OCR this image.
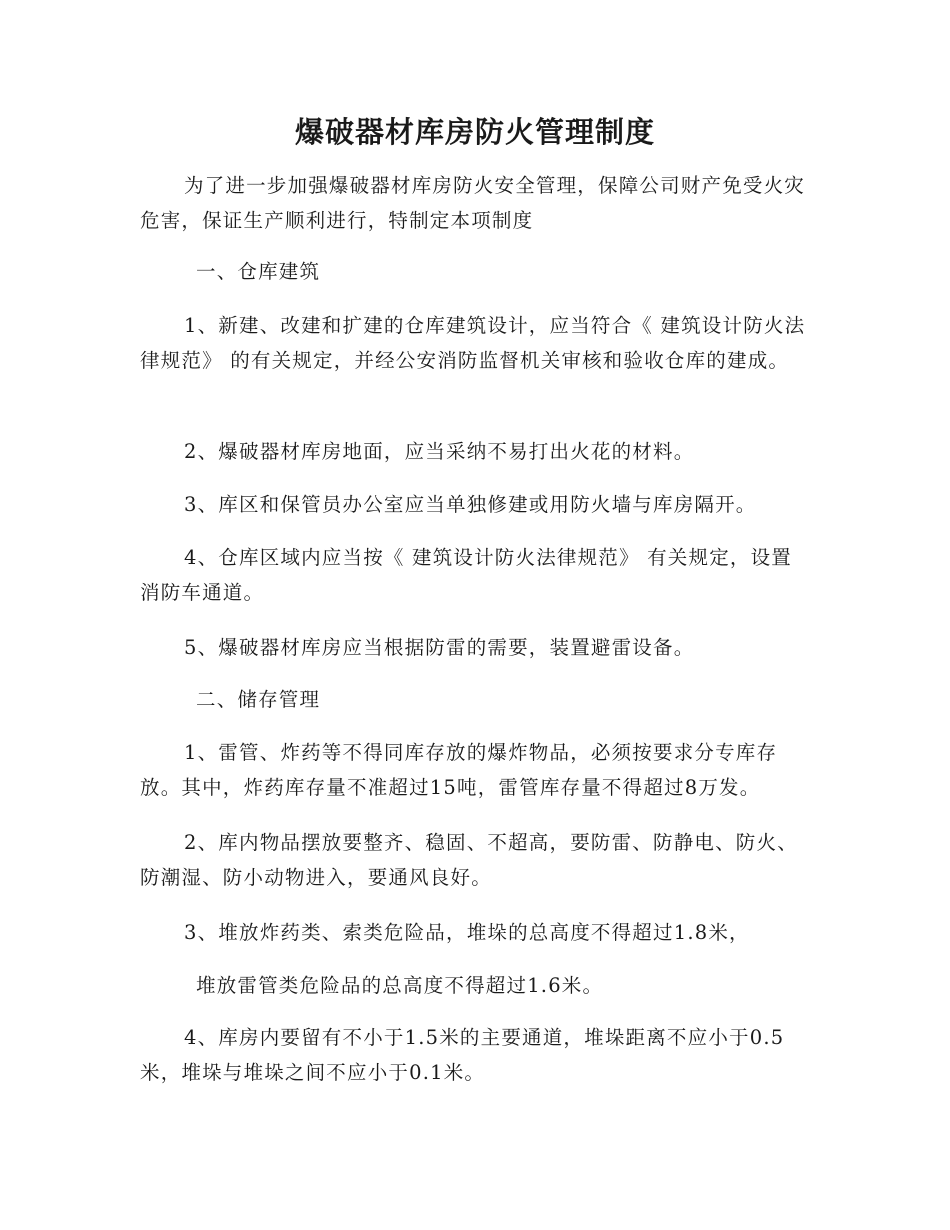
爆破器材库房防火管理制度

为了进一步加强爆破器材库房防火安全管理，保障公司财产免受火灾危害，保证生产顺利进行，特制定本项制度

一、仓库建筑

1、新建、改建和扩建的仓库建筑设计，应当符合《 建筑设计防火法律规范》 的有关规定，并经公安消防监督机关审核和验收仓库的建成。

2、爆破器材库房地面，应当采纳不易打出火花的材料。

3、库区和保管员办公室应当单独修建或用防火墙与库房隔开。

4、仓库区域内应当按《 建筑设计防火法律规范》 有关规定，设置消防车通道。

5、爆破器材库房应当根据防雷的需要，装置避雷设备。

二、储存管理

1、雷管、炸药等不得同库存放的爆炸物品，必须按要求分专库存放。其中，炸药库存量不准超过15吨，雷管库存量不得超过8万发。

2、库内物品摆放要整齐、稳固、不超高，要防雷、防静电、防火、防潮湿、防小动物进入，要通风良好。

3、堆放炸药类、索类危险品，堆垛的总高度不得超过1.8米，

堆放雷管类危险品的总高度不得超过1.6米。

4、库房内要留有不小于1.5米的主要通道，堆垛距离不应小于0.5米，堆垛与堆垛之间不应小于0.1米。
